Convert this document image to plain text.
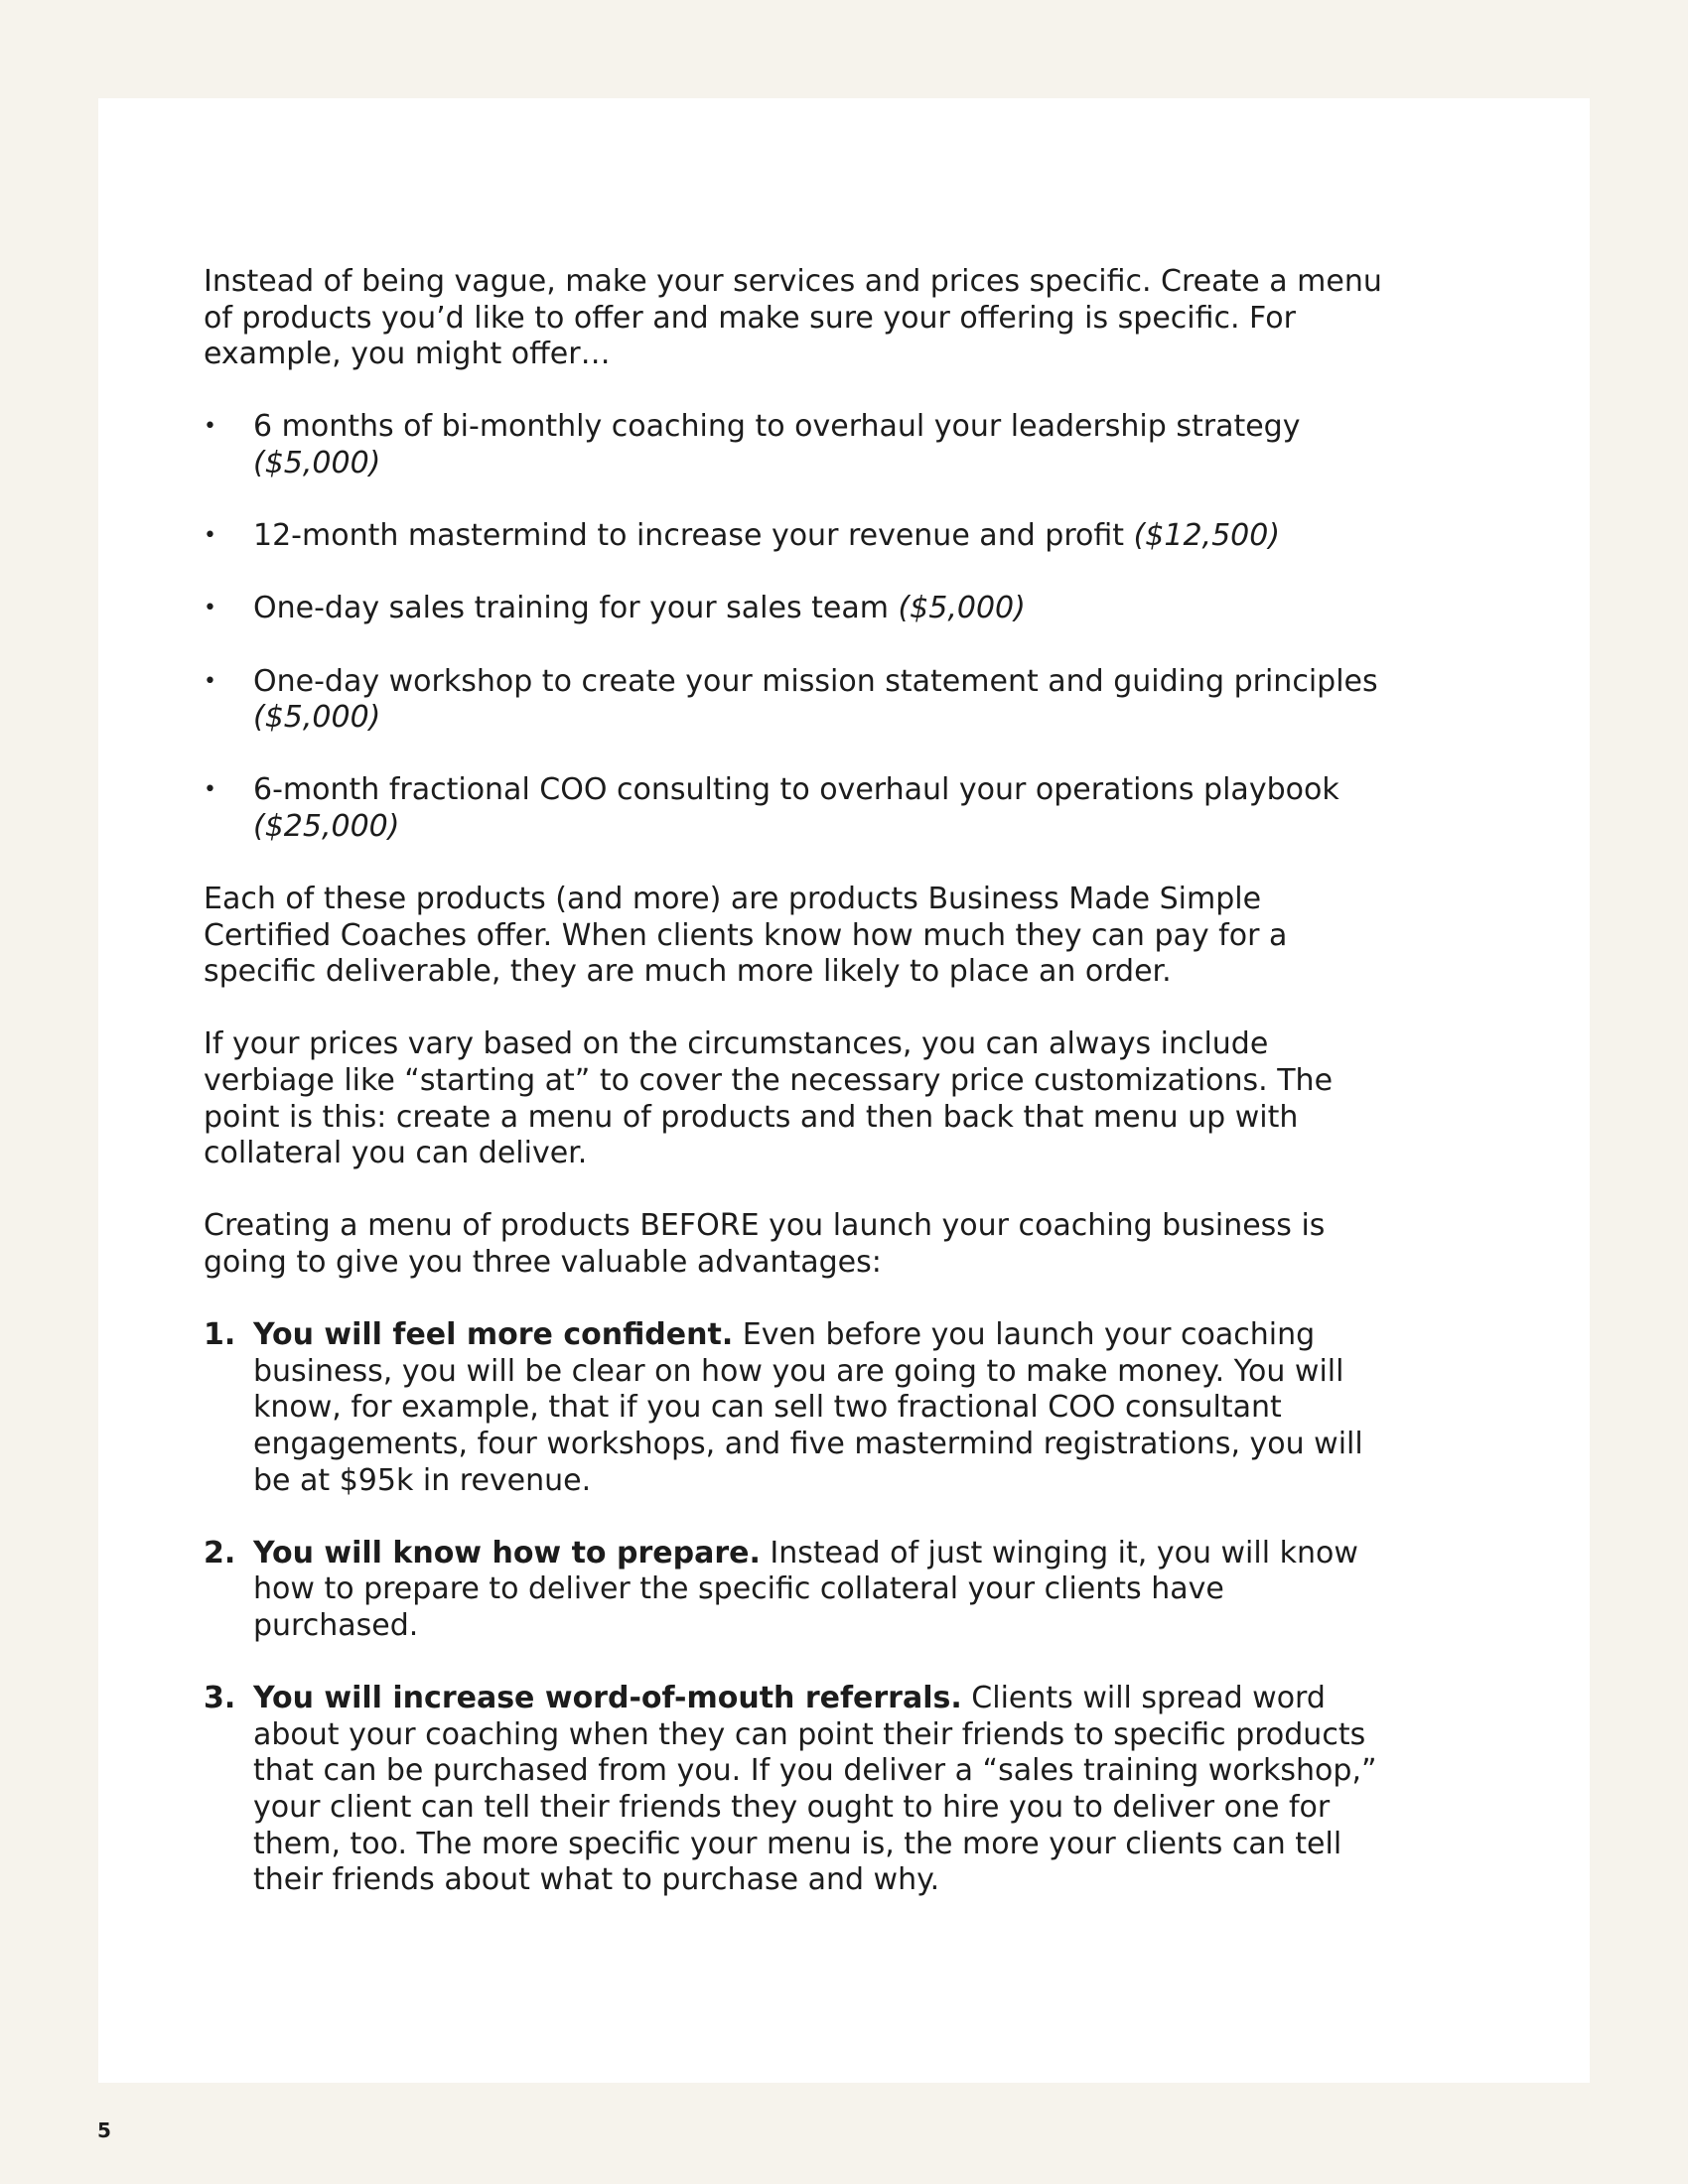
Instead of being vague, make your services and prices specific. Create a menu of products you’d like to offer and make sure your offering is specific. For example, you might offer…

• 6 months of bi-monthly coaching to overhaul your leadership strategy ($5,000)
• 12-month mastermind to increase your revenue and profit ($12,500)
• One-day sales training for your sales team ($5,000)
• One-day workshop to create your mission statement and guiding principles ($5,000)
• 6-month fractional COO consulting to overhaul your operations playbook ($25,000)

Each of these products (and more) are products Business Made Simple Certified Coaches offer. When clients know how much they can pay for a specific deliverable, they are much more likely to place an order.

If your prices vary based on the circumstances, you can always include verbiage like “starting at” to cover the necessary price customizations. The point is this: create a menu of products and then back that menu up with collateral you can deliver.

Creating a menu of products BEFORE you launch your coaching business is going to give you three valuable advantages:

1. You will feel more confident. Even before you launch your coaching business, you will be clear on how you are going to make money. You will know, for example, that if you can sell two fractional COO consultant engagements, four workshops, and five mastermind registrations, you will be at $95k in revenue.
2. You will know how to prepare. Instead of just winging it, you will know how to prepare to deliver the specific collateral your clients have purchased.
3. You will increase word-of-mouth referrals. Clients will spread word about your coaching when they can point their friends to specific products that can be purchased from you. If you deliver a “sales training workshop,” your client can tell their friends they ought to hire you to deliver one for them, too. The more specific your menu is, the more your clients can tell their friends about what to purchase and why.
5
